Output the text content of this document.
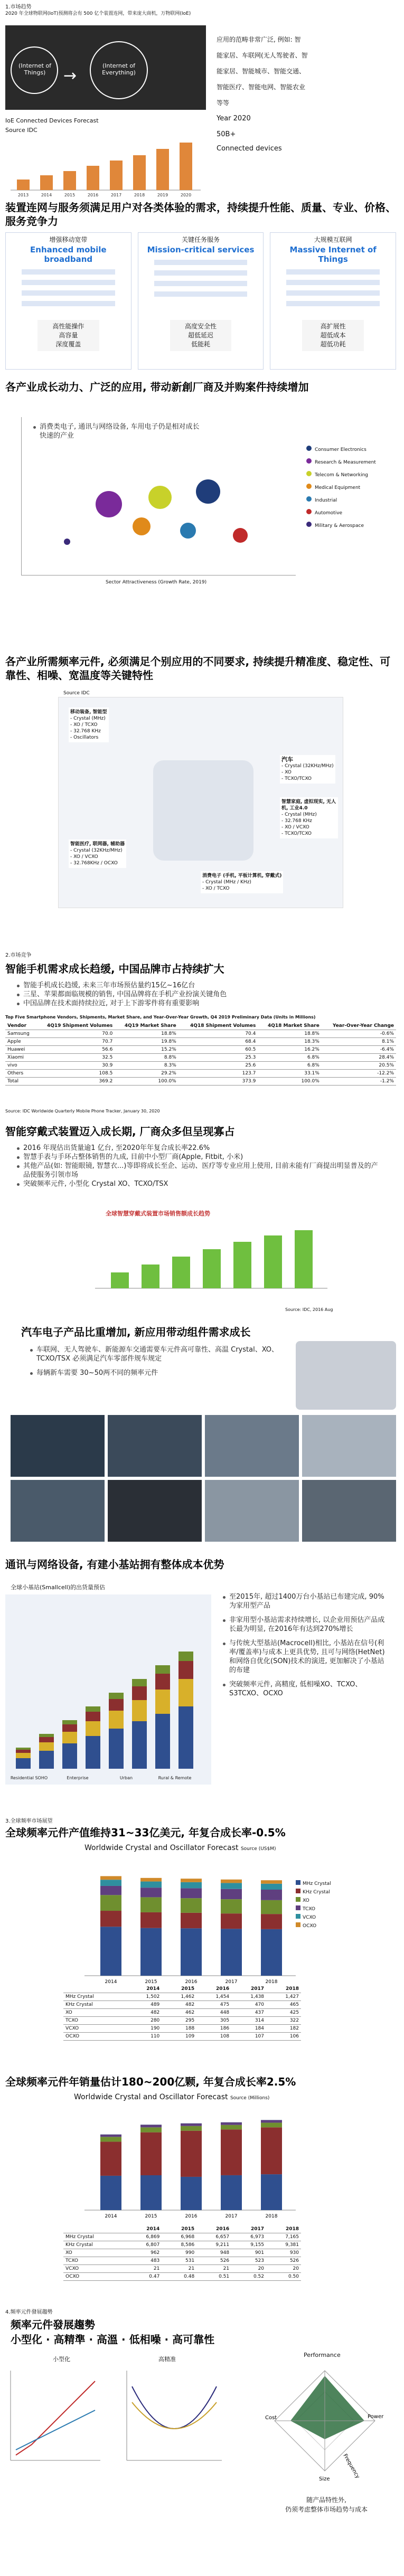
1.市场趋势
2020 年全球物联网(IoT)预测将会有 500 亿个装置连网，带来庞大商机，万物联网(IoE)
(Internet of Things)
(Internet of Everything)
→
应用的范畴非常广泛, 例如: 智
能家居、车联网(无人驾驶者、智
能家居、智能城市、智能交通、
智能医疗、智能电网、智能农业
等等
Year 2020
50B+
Connected devices
IoE Connected Devices Forecast
Source IDC
2013	2014	2015	2016	2017	2018	2019	2020
装置连网与服务须满足用户对各类体验的需求，持续提升性能、质量、专业、价格、服务竞争力
增强移动宽带
Enhanced mobile broadband
高性能操作
高容量
深度覆盖
关键任务服务
Mission-critical services
高度安全性
超低延迟
低能耗
大规模互联网
Massive Internet of Things
高扩展性
超低成本
超低功耗
各产业成长动力、广泛的应用, 带动新創厂商及并购案件持续增加
消费类电子, 通讯与网络设备, 车用电子仍是相对成长快速的产业
Sector Attractiveness (Growth Rate, 2019)
Consumer Electronics
Research & Measurement
Telecom & Networking
Medical Equipment
Industrial
Automotive
Military & Aerospace
各产业所需频率元件, 必须满足个别应用的不同要求, 持续提升精准度、稳定性、可靠性、相噪、宽温度等关键特性
Source IDC
移动装备, 智能型
- Crystal (MHz)
- XO / TCXO
- 32.768 KHz
- Oscillators
智能医疗, 联网器, 辅助器
- Crystal (32KHz/MHz)
- XO / VCXO
- 32.768KHz / OCXO
汽车
- Crystal (32KHz/MHz)
- XO
- TCXO/TCXO
智慧家庭, 虚拟现实, 无人机, 工业4.0
- Crystal (MHz)
- 32.768 KHz
- XO / VCXO
- TCXO/TCXO
消费电子 (手机, 平板计算机, 穿戴式)
- Crystal (MHz / KHz)
- XO / TCXO
2.市场竞争
智能手机需求成长趋缓, 中国品牌市占持续扩大
智能手机成长趋缓, 未来三年市场预估量约15亿~16亿台
三星、苹果都面临规模的销售, 中国品牌将在手机产业扮演关键角色
中国品牌在技术面持续拉近, 对于上下游零件将有重要影响
Top Five Smartphone Vendors, Shipments, Market Share, and Year-Over-Year Growth, Q4 2019 Preliminary Data (Units in Millions)
Vendor	4Q19 Shipment Volumes	4Q19 Market Share	4Q18 Shipment Volumes	4Q18 Market Share	Year-Over-Year Change
Samsung	70.0	18.8%	70.4	18.8%	-0.6%
Apple	70.7	19.8%	68.4	18.3%	8.1%
Huawei	56.6	15.2%	60.5	16.2%	-6.4%
Xiaomi	32.5	8.8%	25.3	6.8%	28.4%
vivo	30.9	8.3%	25.6	6.8%	20.5%
Others	108.5	29.2%	123.7	33.1%	-12.2%
Total	369.2	100.0%	373.9	100.0%	-1.2%
Source: IDC Worldwide Quarterly Mobile Phone Tracker, January 30, 2020
智能穿戴式装置迈入成长期, 厂商众多但呈现寡占
2016 年现估出货量逾1 亿台, 至2020年年复合成长率22.6%
智慧手表与手环占整体销售的九成, 目前中小型厂商(Apple, Fitbit, 小米)
其他产品(如: 智能眼镜, 智慧衣...)等即将成长至企、运动、医疗等专业应用上使用, 目前未能有厂商提出明显普及的产品使服务引领市场
突破频率元件, 小型化 Crystal XO、TCXO/TSX
全球智慧穿戴式装置市场销售额成长趋势
Source: IDC, 2016 Aug
汽车电子产品比重增加, 新应用带动组件需求成长
车联网、无人驾驶车、新能源车交通需要车元件高可靠性、高温 Crystal、XO、TCXO/TSX 必须满足汽车零部件规车规定
每辆新车需要 30~50两不同的频率元件
通讯与网络设备, 有建小基站拥有整体成本优势
全球小基站(Smallcell)的出货量预估
Residential SOHO	Enterprise	Urban	Rural & Remote
至2015年, 超过1400万台小基站已布建完成, 90%为家用型产品
非家用型小基站需求持续增长, 以企业用预估产品成长最为明显, 在2016年有达到270%增长
与传统大型基站(Macrocell)相比, 小基站在信号(利率/覆盖率)与成本上更具优势, 且可与网络(HetNet)和网络自优化(SON)技术的演进, 更加解决了小基站的布建
突破频率元件, 高精度, 低相噪XO、TCXO、S3TCXO、OCXO
3.全球频率市场展望
全球频率元件产值维持31~33亿美元, 年复合成长率-0.5%
Worldwide Crystal and Oscillator Forecast Source (US$M)
2014	2015	2016	2017	2018
MHz Crystal
KHz Crystal
XO
TCXO
VCXO
OCXO
	2014	2015	2016	2017	2018
MHz Crystal	1,502	1,462	1,454	1,438	1,427
KHz Crystal	489	482	475	470	465
XO	482	462	448	437	425
TCXO	280	295	305	314	322
VCXO	190	188	186	184	182
OCXO	110	109	108	107	106
全球频率元件年销量估计180~200亿颗, 年复合成长率2.5%
Worldwide Crystal and Oscillator Forecast Source (Millions)
2014	2015	2016	2017	2018
	2014	2015	2016	2017	2018
MHz Crystal	6,869	6,968	6,657	6,973	7,165
KHz Crystal	6,807	8,586	9,211	9,155	9,381
XO	962	990	948	901	930
TCXO	483	531	526	523	526
VCXO	21	21	21	20	20
OCXO	0.47	0.48	0.51	0.52	0.50
4.频率元件發展趨勢
频率元件發展趨勢
小型化 · 高精準 · 高溫 · 低相噪 · 高可靠性
小型化	高精准
Performance
Cost
Size
Power
Frequency
随产品特性外,
仍须考虑整体市场趋势与成本
